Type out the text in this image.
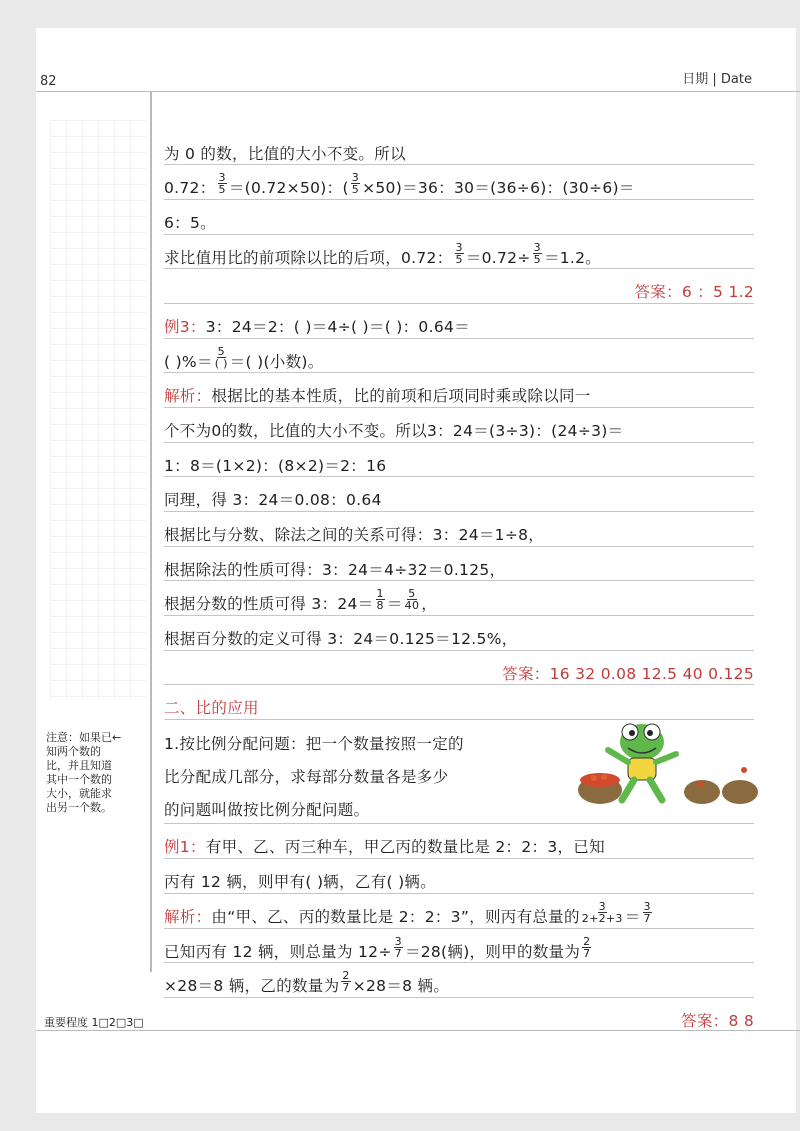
82	日期 | Date
为 0 的数，比值的大小不变。所以
0.72： $\frac{3}{5} =(0.72\times 50)$：( $\frac{3}{5} \times 50)=36$：30＝(36÷6)：(30÷6)＝
6：5。
求比值用比的前项除以比的后项，0.72： $\frac{3}{5} =0.72\div \frac{3}{5} =1.2$。
答案：6 ：5 1.2
例3： 3：24＝2：( )＝4÷( )＝( )：0.64＝
( )%＝ $\frac{5}{( )}$ ＝( )(小数)。
解析： 根据比的基本性质，比的前项和后项同时乘或除以同一
个不为0的数，比值的大小不变。所以3：24＝(3÷3)：(24÷3)＝
1：8＝(1×2)：(8×2)＝2：16
同理，得 3：24＝0.08：0.64
根据比与分数、除法之间的关系可得：3：24＝1÷8，
根据除法的性质可得：3：24＝4÷32＝0.125，
根据分数的性质可得 3：$24= \frac{1}{8} = \frac{5}{40}$ ，
根据百分数的定义可得 3：24＝0.125＝12.5%，
答案：16 32 0.08 12.5 40 0.125
二、比的应用
1.按比例分配问题：把一个数量按照一定的
比分配成几部分，求每部分数量各是多少
的问题叫做按比例分配问题。
例1： 有甲、乙、丙三种车，甲乙丙的数量比是 2：2：3，已知
丙有 12 辆，则甲有( )辆，乙有( )辆。
解析： 由“甲、乙、丙的数量比是 2：2：3”，则丙有总量的 $\frac{3}{2+2+3} = \frac{3}{7}$
已知丙有 12 辆，则总量为 $12\div \frac{3}{7} =28$(辆)，则甲的数量为 $\frac{2}{7}$
×28＝8 辆，乙的数量为 $\frac{2}{7} \times 28=8$ 辆。
答案：8 8
注意：如果已←
知两个数的
比，并且知道
其中一个数的
大小，就能求
出另一个数。
重要程度 1□2□3□
